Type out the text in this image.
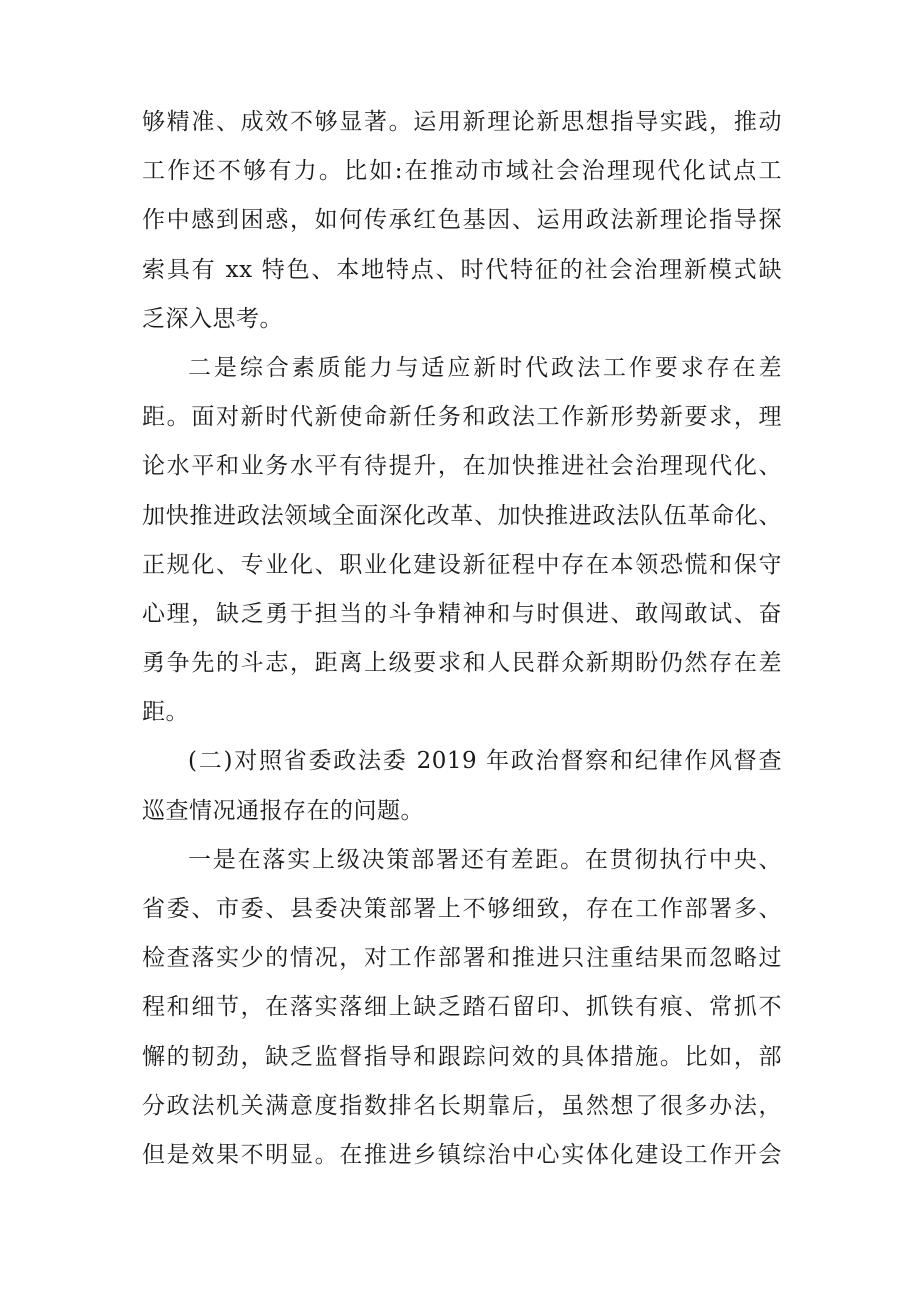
够精准、成效不够显著。运用新理论新思想指导实践，推动
工作还不够有力。比如:在推动市域社会治理现代化试点工
作中感到困惑，如何传承红色基因、运用政法新理论指导探
索具有 xx 特色、本地特点、时代特征的社会治理新模式缺
乏深入思考。
二是综合素质能力与适应新时代政法工作要求存在差
距。面对新时代新使命新任务和政法工作新形势新要求，理
论水平和业务水平有待提升，在加快推进社会治理现代化、
加快推进政法领域全面深化改革、加快推进政法队伍革命化、
正规化、专业化、职业化建设新征程中存在本领恐慌和保守
心理，缺乏勇于担当的斗争精神和与时俱进、敢闯敢试、奋
勇争先的斗志，距离上级要求和人民群众新期盼仍然存在差
距。
(二)对照省委政法委 2019 年政治督察和纪律作风督查
巡查情况通报存在的问题。
一是在落实上级决策部署还有差距。在贯彻执行中央、
省委、市委、县委决策部署上不够细致，存在工作部署多、
检查落实少的情况，对工作部署和推进只注重结果而忽略过
程和细节，在落实落细上缺乏踏石留印、抓铁有痕、常抓不
懈的韧劲，缺乏监督指导和跟踪问效的具体措施。比如，部
分政法机关满意度指数排名长期靠后，虽然想了很多办法，
但是效果不明显。在推进乡镇综治中心实体化建设工作开会
